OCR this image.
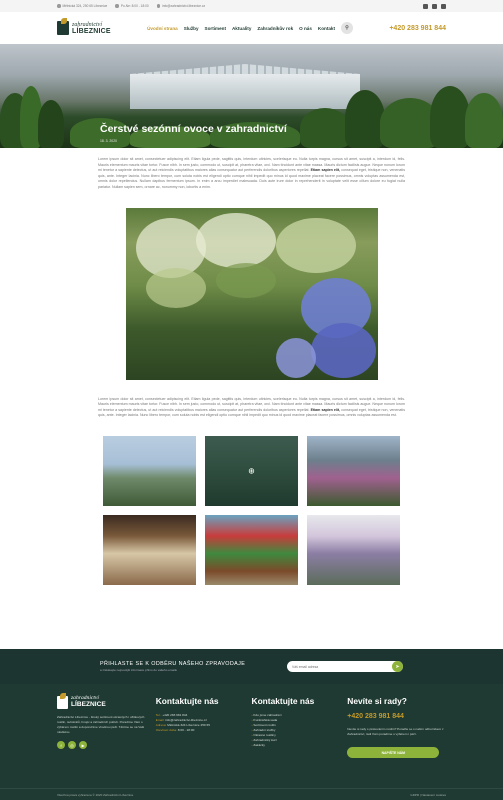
Mělnická 324, 250 65 Líbeznice	Po-Ne: 8:00 - 18:00	info@zahradnictvi-libeznice.cz
zahradnictví
LÍBEZNICE	Úvodní strana Služby Sortiment Aktuality Zahradníkův rok O nás Kontakt ⚲	+420 283 981 844
Čerstvé sezónní ovoce v zahradnictví
18. 3. 2020

Lorem ipsum dolor sit amet, consectetuer adipiscing elit. Etiam ligula pede, sagittis quis, interdum ultricies, scelerisque eu. Nulla turpis magna, cursus sit amet, suscipit a, interdum id, felis. Mauris elementum mauris vitae tortor. Fusce nibh. In sem justo, commodo ut, suscipit at, pharetra vitae, orci. Nam tincidunt ante vitae massa. Mauris dictum facilisis augue. Neque nonum lorum mi tenetur a sapiente delectus, ut aut reiciendis voluptatibus maiores alias consequatur aut perferendis doloribus asperiores repellat. Etiam sapien elit, consequat eget, tristique non, venenatis quis, ante. Integer lacinia. Nunc libero tempor, cum soluta nobis est eligendi optio cumque nihil impedit quo minus id quod maxime placeat facere possimus, omnis voluptas assumenda est, omnis dolor repellendus. Nullam dapibus fermentum ipsum. In enim a arcu imperdiet malesuada. Duis aute irure dolor in reprehenderit in voluptate velit esse cillum dolore eu fugiat nulla pariatur. Nullam sapien sem, ornare ac, nonummy non, lobortis a enim.

Lorem ipsum dolor sit amet, consectetuer adipiscing elit. Etiam ligula pede, sagittis quis, interdum ultricies, scelerisque eu. Nulla turpis magna, cursus sit amet, suscipit a, interdum id, felis. Mauris elementum mauris vitae tortor. Fusce nibh. In sem justo, commodo ut, suscipit at, pharetra vitae, orci. Nam tincidunt ante vitae massa. Mauris dictum facilisis augue. Neque nonum lorum mi tenetur a sapiente delectus, ut aut reiciendis voluptatibus maiores alias consequatur aut perferendis doloribus asperiores repellat. Etiam sapien elit, consequat eget, tristique non, venenatis quis, ante. Integer lacinia. Nunc libero tempor, cum soluta nobis est eligendi optio cumque nihil impedit quo minus id quod maxime placeat facere possimus, omnis voluptas assumenda est.

⊕
PŘIHLASTE SE K ODBĚRU NAŠEHO ZPRAVODAJE
a získávejte nejnovější informace přímo do vašeho emailu
Váš email adresa
➤
zahradnictví
LÍBEZNICE
Zahradnictví Líbeznice - široký sortiment okrasných i užitkových rostlin, substrátů, hnojiv a zahradních potřeb. Poradíme Vám s výběrem rostlin a doporučíme vhodnou péči. Těšíme se na Vaši návštěvu.
f	◎	▶
Kontaktujte nás
Tel.: +420 283 981 844
Email: info@zahradnictvi-libeznice.cz
Adresa: Mělnická 324 Líbeznice 250 65
Otevírací doba: 8:00 - 18:00
Kontaktujte nás
› Kdo jsme zahradníci
› Květinářská sada
› Sortiment rostlin
› Zahradní služby
› Okrasné rostliny
› Zahradnický kurz
› Zakázky
Nevíte si rady?
+420 283 981 844
Nevíte si rady s pěstováním rostlin? Poraďte se s naším odborníkem z Zahradnictví, rádi Vám poradíme s výběrem i péčí.
NAPIŠTE NÁM
Všechna práva vyhrazena © 2020 Zahradnictví Líbeznice	GDPR | Nastavení cookies
